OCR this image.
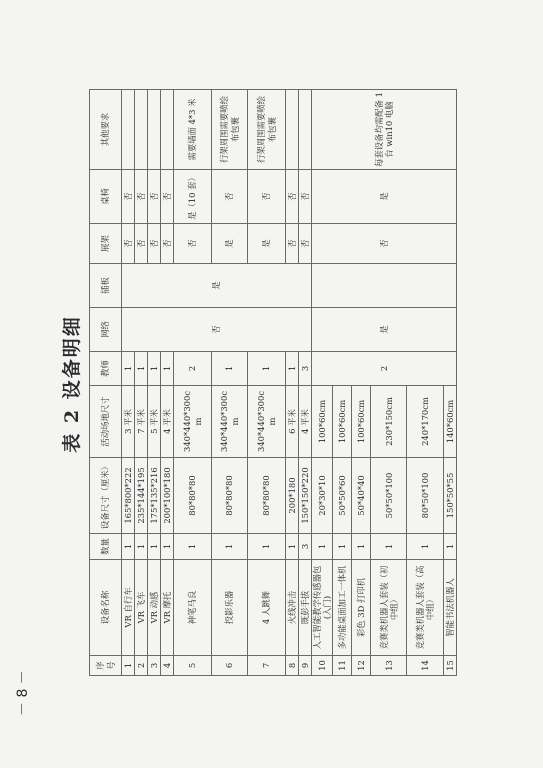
表 2 设备明细
序号	设备名称	数量	设备尺寸（厘米）	活动场地尺寸	教师	网络	插板	展架	桌椅	其他要求
1	VR 自行车	1	165*800*222	3 平米	1	否	是	否	否	
2	VR 飞车	1	235*144*195	7 平米	1			否	否	
3	VR 动感	1	175*135*216	5 平米	1			否	否	
4	VR 摩托	1	200*100*180	4 平米	1			否	否	
5	神笔马良	1	80*80*80	340*440*300cm	2			否	是（10 套）	需要墙面 4*3 米
6	投影乐器	1	80*80*80	340*440*300cm	1			是	否	行架周围需要喷绘布包裹
7	4 人跳舞	1	80*80*80	340*440*300cm	1			是	否	行架周围需要喷绘布包裹
8	火线冲击	1	200*180	6 平米	1			否	否	
9	既彭手拔	3	150*150*220	4 平米	3			否	否	
10	人工智能教学传感器包(入门)	1	20*30*10	100*60cm	2	是		否	是	每套设备均需配备 1 台 win10 电脑
11	多功能桌面加工一体机	1	50*50*60	100*60cm						
12	彩色 3D 打印机	1	50*40*40	100*60cm						
13	竞赛类机器人套装（初中组）	1	50*50*100	230*150cm						
14	竞赛类机器人套装（高中组）	1	80*50*100	240*170cm						
15	智能书法机器人	1	150*50*55	140*60cm						
－ 8 －
